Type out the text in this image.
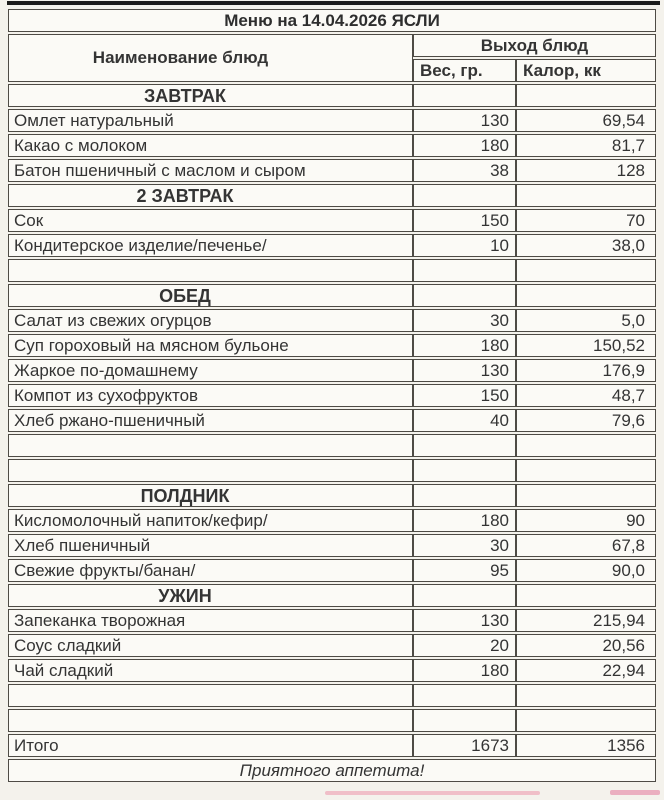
Меню на 14.04.2026 ЯСЛИ		
Наименование блюд	Выход блюд	
	Вес, гр.	Калор, кк
ЗАВТРАК		
Омлет натуральный	130	69,54
Какао с молоком	180	81,7
Батон пшеничный с маслом и сыром	38	128
2 ЗАВТРАК		
Сок	150	70
Кондитерское изделие/печенье/	10	38,0

ОБЕД		
Салат из свежих огурцов	30	5,0
Суп гороховый на мясном бульоне	180	150,52
Жаркое по-домашнему	130	176,9
Компот из сухофруктов	150	48,7
Хлеб ржано-пшеничный	40	79,6

ПОЛДНИК		
Кисломолочный напиток/кефир/	180	90
Хлеб пшеничный	30	67,8
Свежие фрукты/банан/	95	90,0
УЖИН		
Запеканка творожная	130	215,94
Соус сладкий	20	20,56
Чай сладкий	180	22,94

Итого	1673	1356
Приятного аппетита!		
